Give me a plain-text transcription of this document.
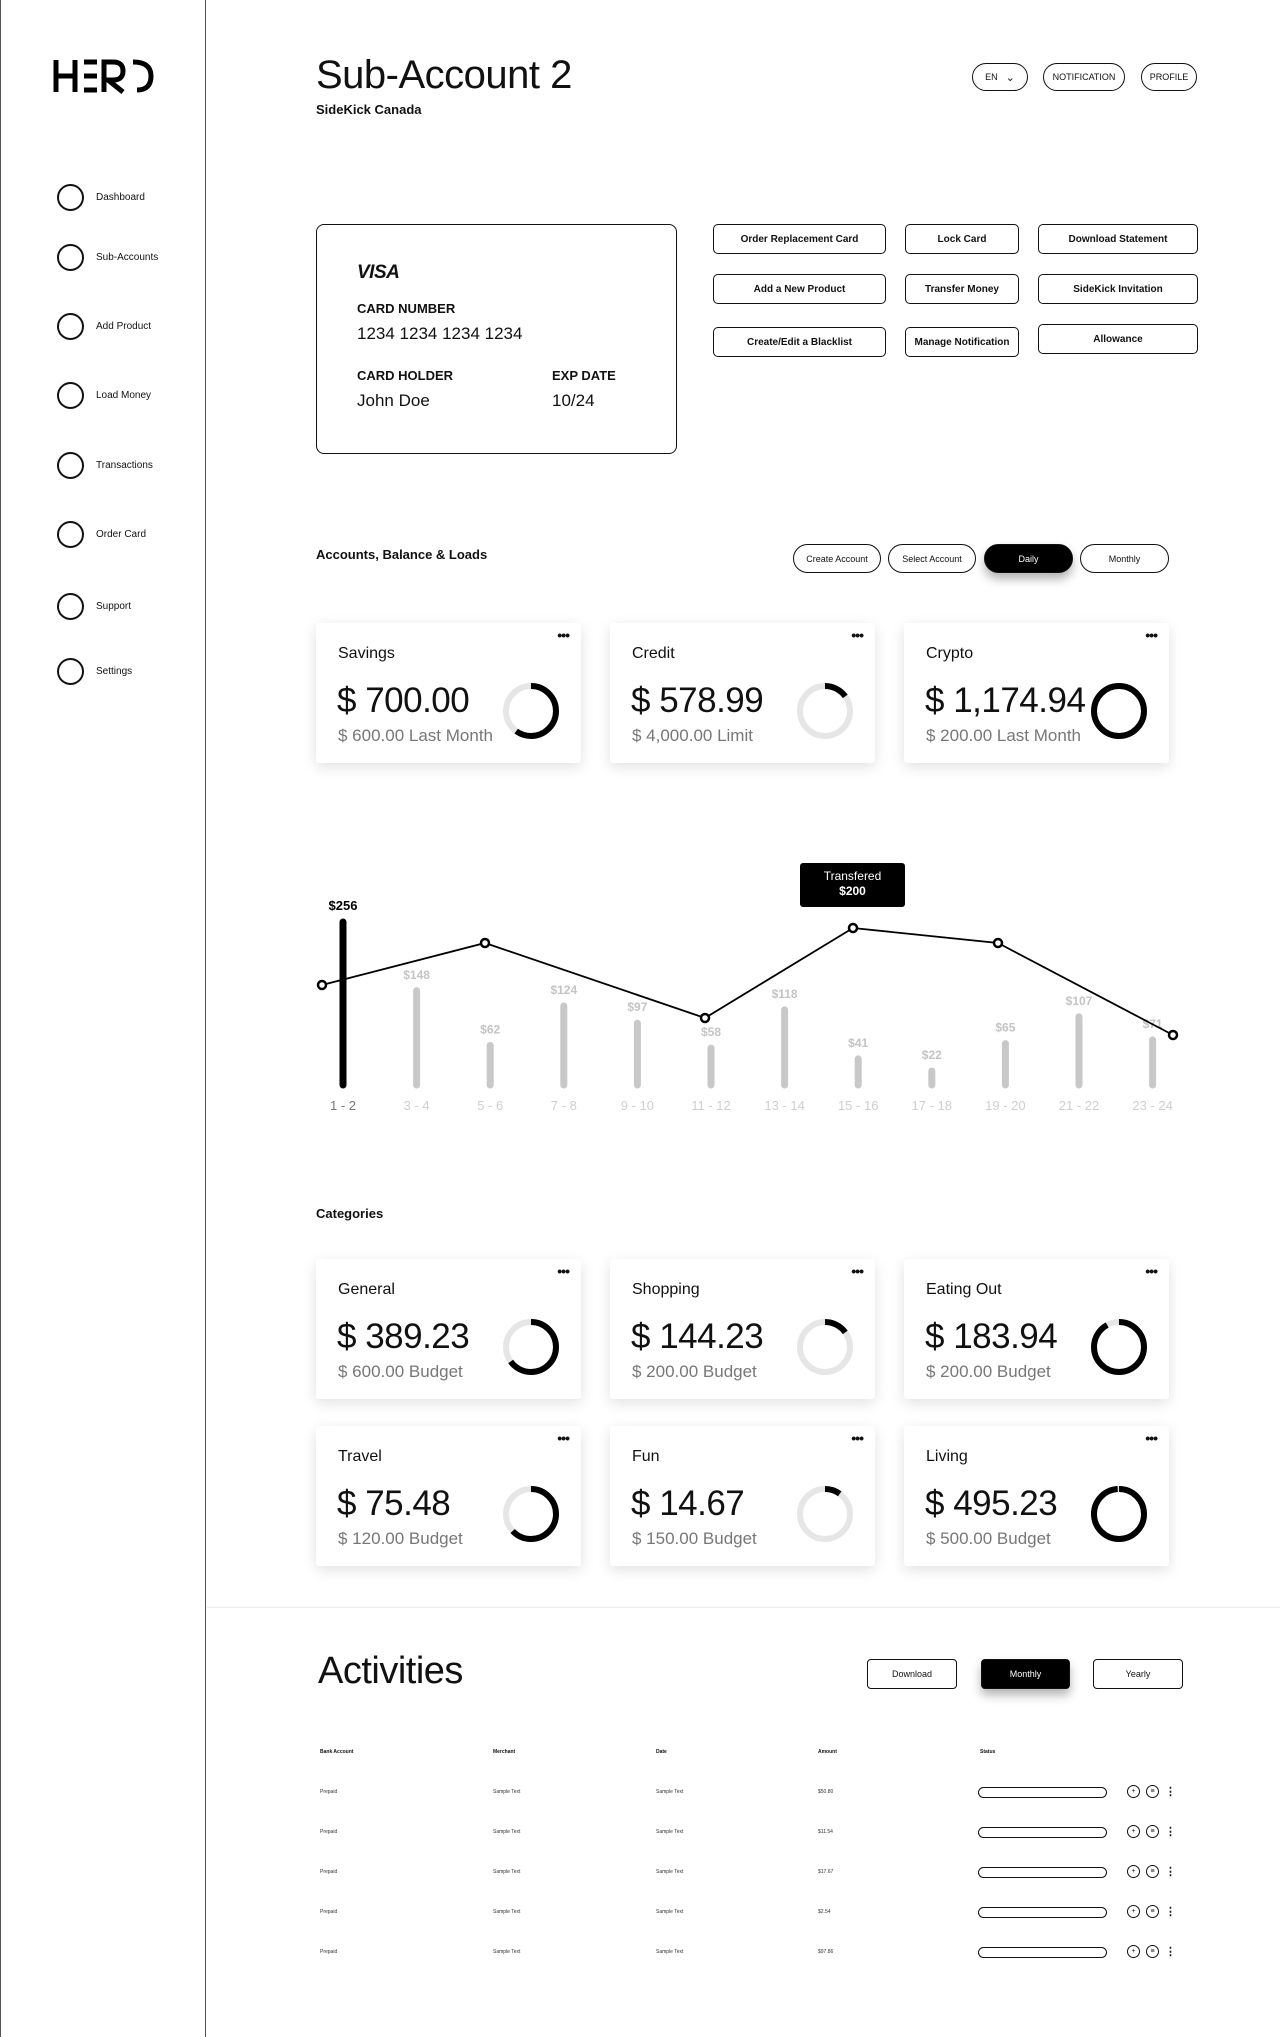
Dashboard
Sub-Accounts
Add Product
Load Money
Transactions
Order Card
Support
Settings
Sub-Account 2
SideKick Canada
EN ⌄	NOTIFICATION	PROFILE
VISA
CARD NUMBER
1234 1234 1234 1234
CARD HOLDER
John Doe
EXP DATE
10/24
Order Replacement Card	Lock Card	Download Statement
Add a New Product	Transfer Money	SideKick Invitation
Create/Edit a Blacklist	Manage Notification	Allowance
Accounts, Balance & Loads	Create Account	Select Account	Daily	Monthly
•••
Savings
$ 700.00
$ 600.00 Last Month
•••
Credit
$ 578.99
$ 4,000.00 Limit
•••
Crypto
$ 1,174.94
$ 200.00 Last Month
$256
1 - 2
$148
3 - 4
$62
5 - 6
$124
7 - 8
$97
9 - 10
$58
11 - 12
$118
13 - 14
$41
15 - 16
$22
17 - 18
$65
19 - 20
$107
21 - 22
$71
23 - 24
Transfered
$200
Categories
•••
General
$ 389.23
$ 600.00 Budget
•••
Shopping
$ 144.23
$ 200.00 Budget
•••
Eating Out
$ 183.94
$ 200.00 Budget
•••
Travel
$ 75.48
$ 120.00 Budget
•••
Fun
$ 14.67
$ 150.00 Budget
•••
Living
$ 495.23
$ 500.00 Budget
Activities	Download	Monthly	Yearly
Bank Account	Merchant	Date	Amount	Status
Prepaid	Sample Text	Sample Text	$50.80	+	≡ ⋮
Prepaid	Sample Text	Sample Text	$11.54	+	≡ ⋮
Prepaid	Sample Text	Sample Text	$17.67	+	≡ ⋮
Prepaid	Sample Text	Sample Text	$2.54	+	≡ ⋮
Prepaid	Sample Text	Sample Text	$97.86	+	≡ ⋮
